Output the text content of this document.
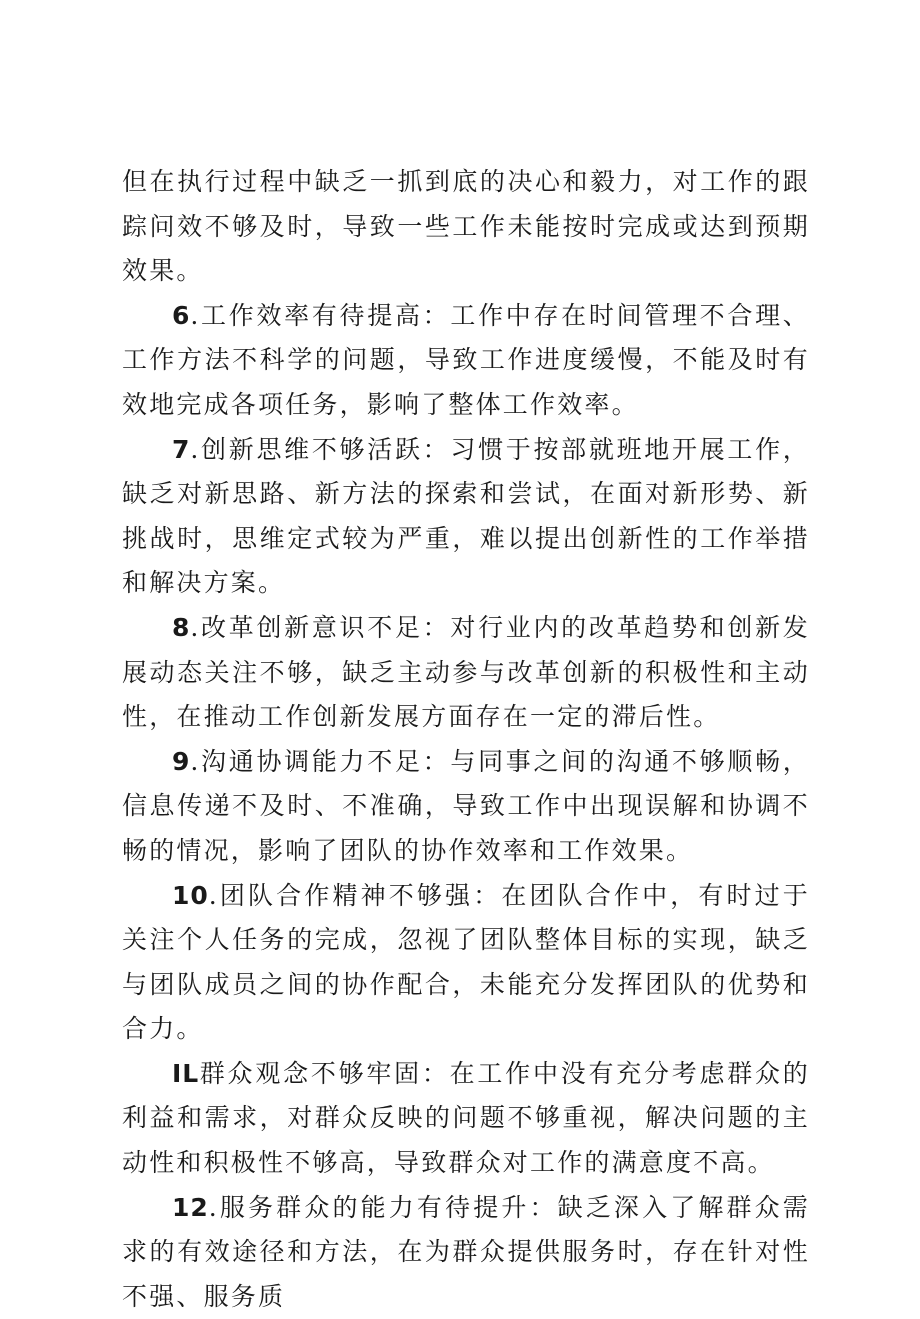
但在执行过程中缺乏一抓到底的决心和毅力，对工作的跟踪问效不够及时，导致一些工作未能按时完成或达到预期效果。

6.工作效率有待提高：工作中存在时间管理不合理、工作方法不科学的问题，导致工作进度缓慢，不能及时有效地完成各项任务，影响了整体工作效率。

7.创新思维不够活跃：习惯于按部就班地开展工作，缺乏对新思路、新方法的探索和尝试，在面对新形势、新挑战时，思维定式较为严重，难以提出创新性的工作举措和解决方案。

8.改革创新意识不足：对行业内的改革趋势和创新发展动态关注不够，缺乏主动参与改革创新的积极性和主动性，在推动工作创新发展方面存在一定的滞后性。

9.沟通协调能力不足：与同事之间的沟通不够顺畅，信息传递不及时、不准确，导致工作中出现误解和协调不畅的情况，影响了团队的协作效率和工作效果。

10.团队合作精神不够强：在团队合作中，有时过于关注个人任务的完成，忽视了团队整体目标的实现，缺乏与团队成员之间的协作配合，未能充分发挥团队的优势和合力。

IL群众观念不够牢固：在工作中没有充分考虑群众的利益和需求，对群众反映的问题不够重视，解决问题的主动性和积极性不够高，导致群众对工作的满意度不高。

12.服务群众的能力有待提升：缺乏深入了解群众需求的有效途径和方法，在为群众提供服务时，存在针对性不强、服务质
